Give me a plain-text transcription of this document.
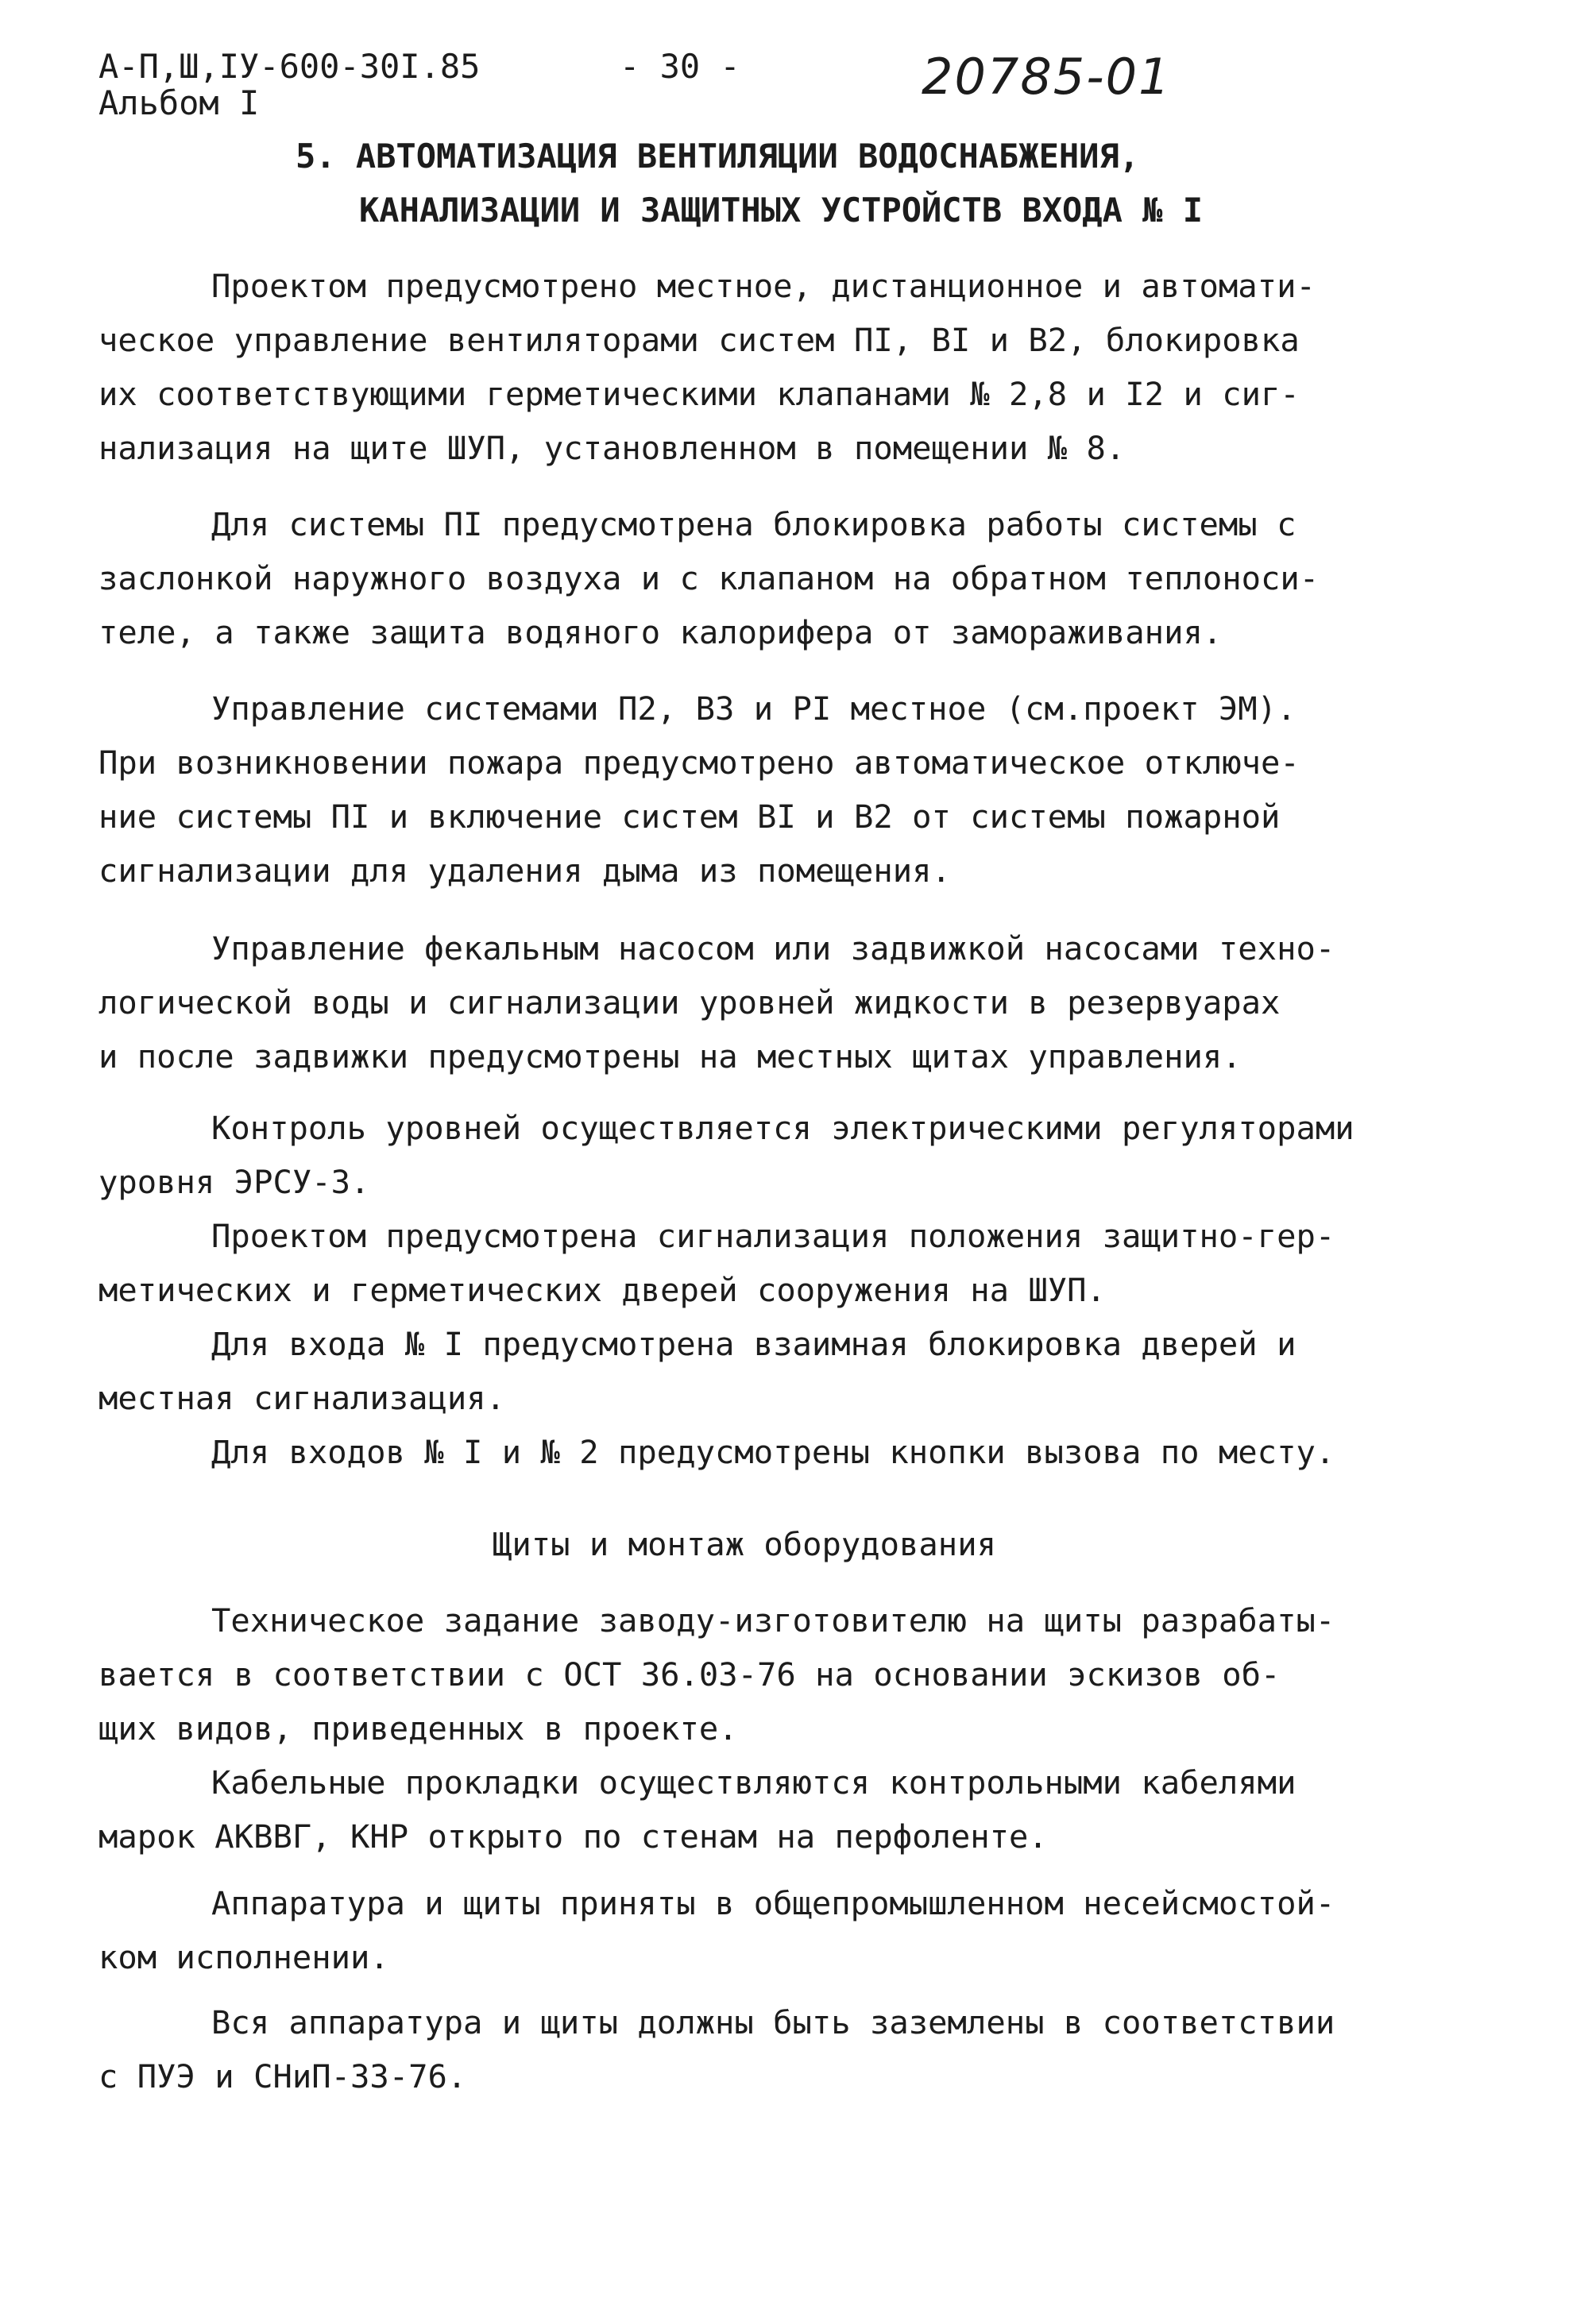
А-П,Ш,IУ-600-30I.85
Альбом I
- 30 -	20785-01
5. АВТОМАТИЗАЦИЯ ВЕНТИЛЯЦИИ ВОДОСНАБЖЕНИЯ,
КАНАЛИЗАЦИИ И ЗАЩИТНЫХ УСТРОЙСТВ ВХОДА № I
Проектом предусмотрено местное, дистанционное и автомати-
ческое управление вентиляторами систем ПI, ВI и В2, блокировка
их соответствующими герметическими клапанами № 2,8 и I2 и сиг-
нализация на щите ШУП, установленном в помещении № 8.
Для системы ПI предусмотрена блокировка работы системы с
заслонкой наружного воздуха и с клапаном на обратном теплоноси-
теле, а также защита водяного калорифера от замораживания.
Управление системами П2, ВЗ и РI местное (см.проект ЭМ).
При возникновении пожара предусмотрено автоматическое отключе-
ние системы ПI и включение систем ВI и В2 от системы пожарной
сигнализации для удаления дыма из помещения.
Управление фекальным насосом или задвижкой насосами техно-
логической воды и сигнализации уровней жидкости в резервуарах
и после задвижки предусмотрены на местных щитах управления.
Контроль уровней осуществляется электрическими регуляторами
уровня ЭРСУ-3.
Проектом предусмотрена сигнализация положения защитно-гер-
метических и герметических дверей сооружения на ШУП.
Для входа № I предусмотрена взаимная блокировка дверей и
местная сигнализация.
Для входов № I и № 2 предусмотрены кнопки вызова по месту.
Щиты и монтаж оборудования
Техническое задание заводу-изготовителю на щиты разрабаты-
вается в соответствии с ОСТ 36.03-76 на основании эскизов об-
щих видов, приведенных в проекте.
Кабельные прокладки осуществляются контрольными кабелями
марок АКВВГ, КНР открыто по стенам на перфоленте.
Аппаратура и щиты приняты в общепромышленном несейсмостой-
ком исполнении.
Вся аппаратура и щиты должны быть заземлены в соответствии
с ПУЭ и СНиП-33-76.
